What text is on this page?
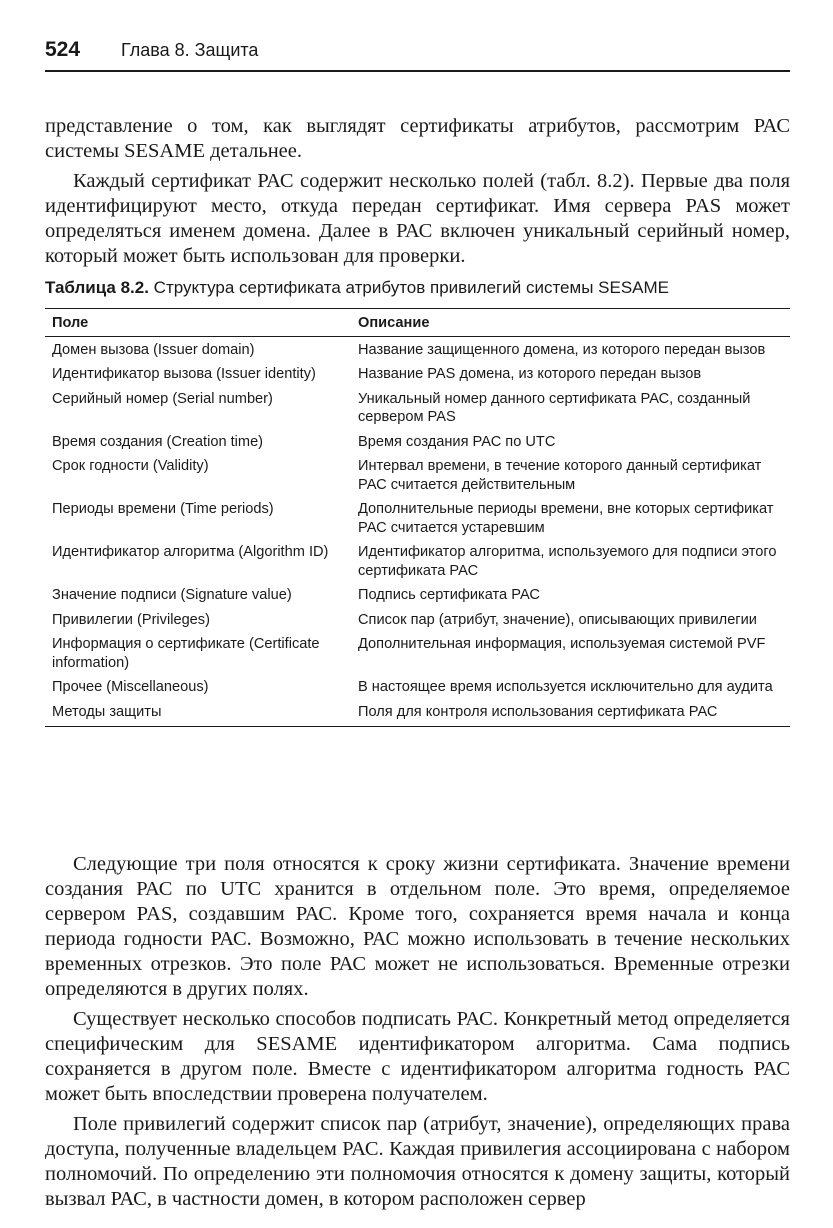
524 Глава 8. Защита

представление о том, как выглядят сертификаты атрибутов, рассмотрим РАС системы SESAME детальнее.

Каждый сертификат РАС содержит несколько полей (табл. 8.2). Первые два поля идентифицируют место, откуда передан сертификат. Имя сервера PAS может определяться именем домена. Далее в РАС включен уникальный серийный номер, который может быть использован для проверки.

Таблица 8.2. Структура сертификата атрибутов привилегий системы SESAME
Поле	Описание
Домен вызова (Issuer domain)	Название защищенного домена, из которого передан вызов
Идентификатор вызова (Issuer identity)	Название PAS домена, из которого передан вызов
Серийный номер (Serial number)	Уникальный номер данного сертификата РАС, созданный сервером PAS
Время создания (Creation time)	Время создания РАС по UTC
Срок годности (Validity)	Интервал времени, в течение которого данный сертификат РАС считается действительным
Периоды времени (Time periods)	Дополнительные периоды времени, вне которых сертификат РАС считается устаревшим
Идентификатор алгоритма (Algorithm ID)	Идентификатор алгоритма, используемого для подписи этого сертификата РАС
Значение подписи (Signature value)	Подпись сертификата РАС
Привилегии (Privileges)	Список пар (атрибут, значение), описывающих привилегии
Информация о сертификате (Certificate information)	Дополнительная информация, используемая системой PVF
Прочее (Miscellaneous)	В настоящее время используется исключительно для аудита
Методы защиты	Поля для контроля использования сертификата РАС

Следующие три поля относятся к сроку жизни сертификата. Значение времени создания РАС по UTC хранится в отдельном поле. Это время, определяемое сервером PAS, создавшим РАС. Кроме того, сохраняется время начала и конца периода годности РАС. Возможно, РАС можно использовать в течение нескольких временных отрезков. Это поле РАС может не использоваться. Временные отрезки определяются в других полях.

Существует несколько способов подписать РАС. Конкретный метод определяется специфическим для SESAME идентификатором алгоритма. Сама подпись сохраняется в другом поле. Вместе с идентификатором алгоритма годность РАС может быть впоследствии проверена получателем.

Поле привилегий содержит список пар (атрибут, значение), определяющих права доступа, полученные владельцем РАС. Каждая привилегия ассоциирована с набором полномочий. По определению эти полномочия относятся к домену защиты, который вызвал РАС, в частности домен, в котором расположен сервер
